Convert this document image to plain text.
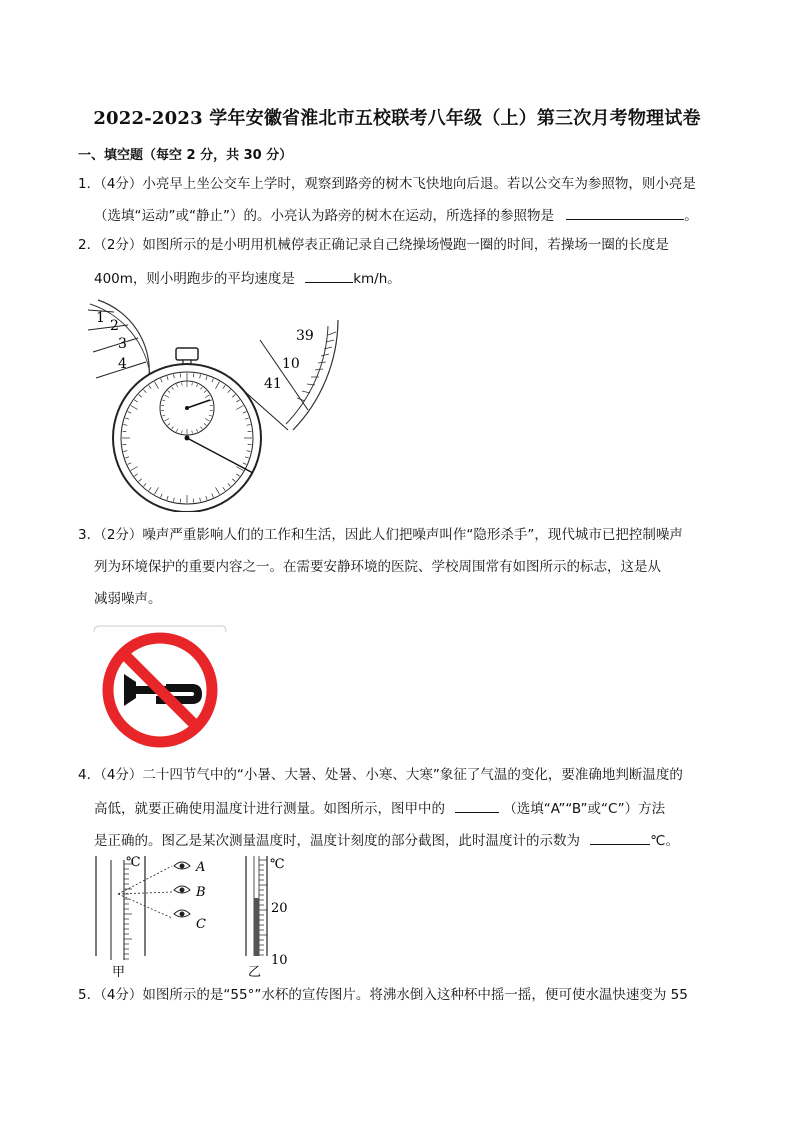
2022-2023 学年安徽省淮北市五校联考八年级（上）第三次月考物理试卷
一、填空题（每空 2 分，共 30 分）
1．（4分）小亮早上坐公交车上学时，观察到路旁的树木飞快地向后退。若以公交车为参照物，则小亮是
（选填“运动”或“静止”）的。小亮认为路旁的树木在运动，所选择的参照物是	。
2．（2分）如图所示的是小明用机械停表正确记录自己绕操场慢跑一圈的时间，若操场一圈的长度是
400m，则小明跑步的平均速度是	km/h。
1 2
3
4
39
10
41
3．（2分）噪声严重影响人们的工作和生活，因此人们把噪声叫作“隐形杀手”，现代城市已把控制噪声
列为环境保护的重要内容之一。在需要安静环境的医院、学校周围常有如图所示的标志，这是从
减弱噪声。
4．（4分）二十四节气中的“小暑、大暑、处暑、小寒、大寒”象征了气温的变化，要准确地判断温度的
高低，就要正确使用温度计进行测量。如图所示，图甲中的	（选填“A”“B”或“C”）方法
是正确的。图乙是某次测量温度时，温度计刻度的部分截图，此时温度计的示数为	℃。
℃	A
B
C
甲
℃
20
10
乙
5．（4分）如图所示的是“55°”水杯的宣传图片。将沸水倒入这种杯中摇一摇，便可使水温快速变为 55
